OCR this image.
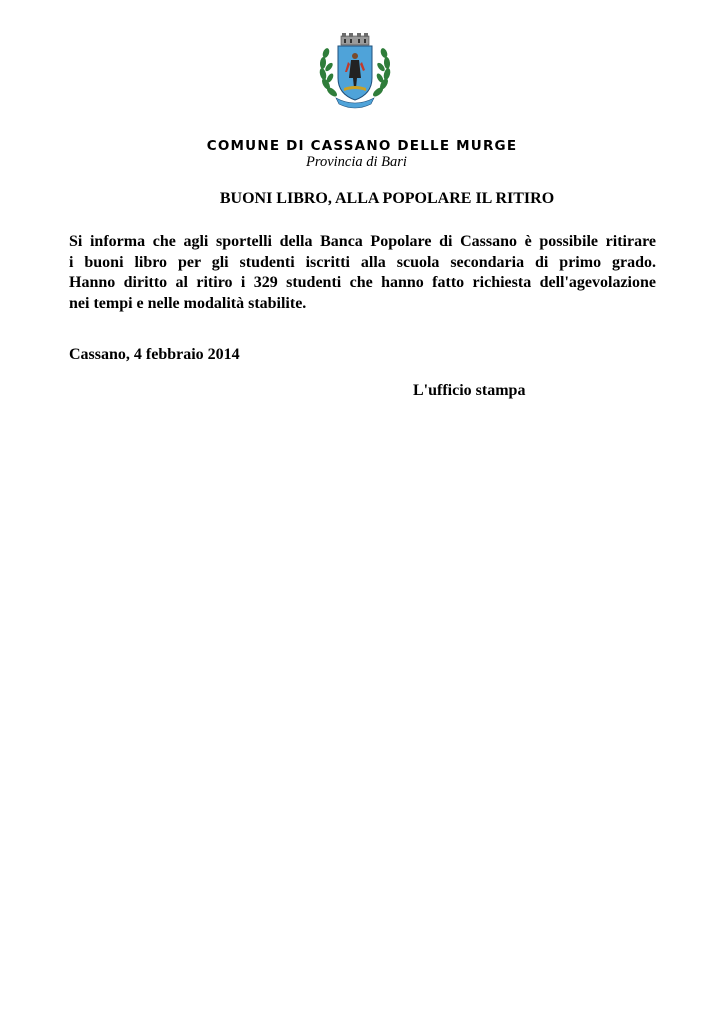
COMUNE DI CASSANO DELLE MURGE
Provincia di Bari
BUONI LIBRO, ALLA POPOLARE IL RITIRO
Si informa che agli sportelli della Banca Popolare di Cassano è possibile ritirare
i buoni libro per gli studenti iscritti alla scuola secondaria di primo grado.
Hanno diritto al ritiro i 329 studenti che hanno fatto richiesta dell'agevolazione
nei tempi e nelle modalità stabilite.
Cassano, 4 febbraio 2014
L'ufficio stampa
